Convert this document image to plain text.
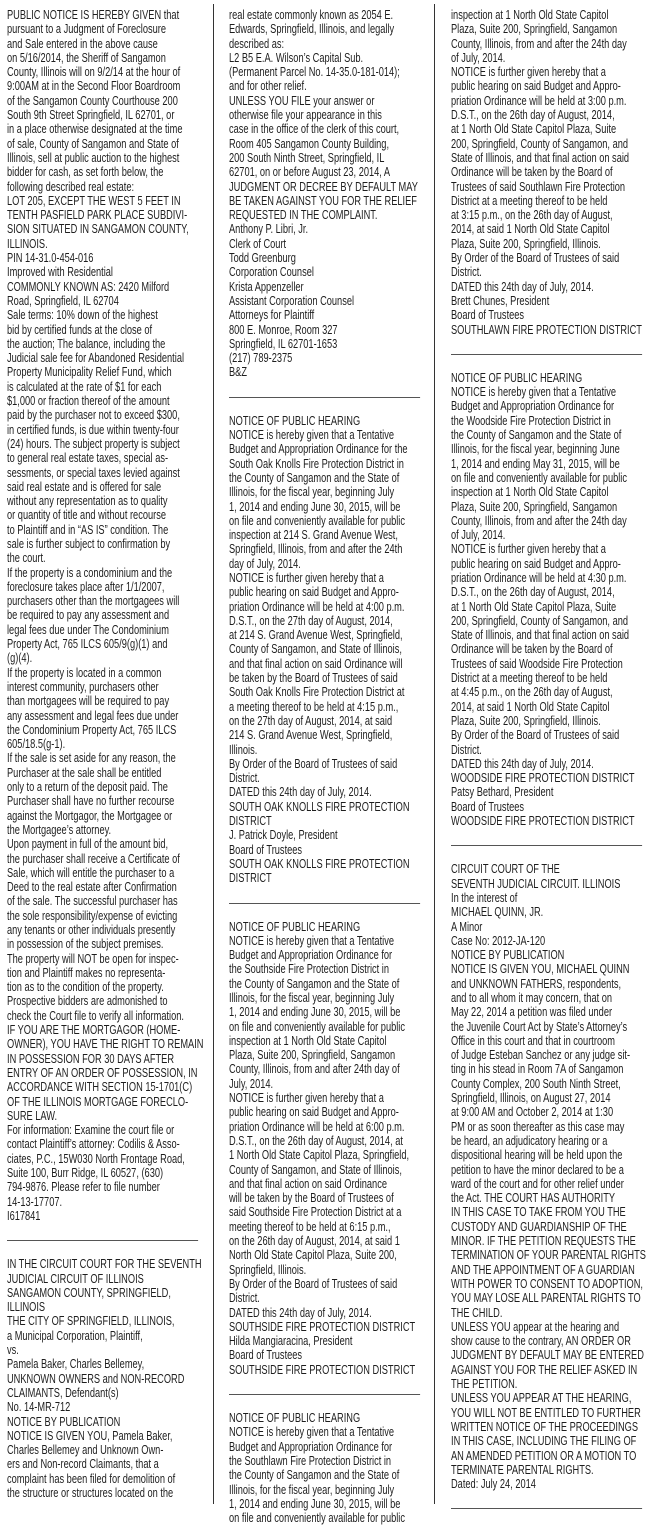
PUBLIC NOTICE IS HEREBY GIVEN that
pursuant to a Judgment of Foreclosure
and Sale entered in the above cause
on 5/16/2014, the Sheriff of Sangamon
County, Illinois will on 9/2/14 at the hour of
9:00AM at in the Second Floor Boardroom
of the Sangamon County Courthouse 200
South 9th Street Springfield, IL 62701, or
in a place otherwise designated at the time
of sale, County of Sangamon and State of
Illinois, sell at public auction to the highest
bidder for cash, as set forth below, the
following described real estate:
LOT 205, EXCEPT THE WEST 5 FEET IN
TENTH PASFIELD PARK PLACE SUBDIVI-
SION SITUATED IN SANGAMON COUNTY,
ILLINOIS.
PIN 14-31.0-454-016
Improved with Residential
COMMONLY KNOWN AS: 2420 Milford
Road, Springfield, IL 62704
Sale terms: 10% down of the highest
bid by certified funds at the close of
the auction; The balance, including the
Judicial sale fee for Abandoned Residential
Property Municipality Relief Fund, which
is calculated at the rate of $1 for each
$1,000 or fraction thereof of the amount
paid by the purchaser not to exceed $300,
in certified funds, is due within twenty-four
(24) hours. The subject property is subject
to general real estate taxes, special as-
sessments, or special taxes levied against
said real estate and is offered for sale
without any representation as to quality
or quantity of title and without recourse
to Plaintiff and in “AS IS” condition. The
sale is further subject to confirmation by
the court.
If the property is a condominium and the
foreclosure takes place after 1/1/2007,
purchasers other than the mortgagees will
be required to pay any assessment and
legal fees due under The Condominium
Property Act, 765 ILCS 605/9(g)(1) and
(g)(4).
If the property is located in a common
interest community, purchasers other
than mortgagees will be required to pay
any assessment and legal fees due under
the Condominium Property Act, 765 ILCS
605/18.5(g-1).
If the sale is set aside for any reason, the
Purchaser at the sale shall be entitled
only to a return of the deposit paid. The
Purchaser shall have no further recourse
against the Mortgagor, the Mortgagee or
the Mortgagee’s attorney.
Upon payment in full of the amount bid,
the purchaser shall receive a Certificate of
Sale, which will entitle the purchaser to a
Deed to the real estate after Confirmation
of the sale. The successful purchaser has
the sole responsibility/expense of evicting
any tenants or other individuals presently
in possession of the subject premises.
The property will NOT be open for inspec-
tion and Plaintiff makes no representa-
tion as to the condition of the property.
Prospective bidders are admonished to
check the Court file to verify all information.
IF YOU ARE THE MORTGAGOR (HOME-
OWNER), YOU HAVE THE RIGHT TO REMAIN
IN POSSESSION FOR 30 DAYS AFTER
ENTRY OF AN ORDER OF POSSESSION, IN
ACCORDANCE WITH SECTION 15-1701(C)
OF THE ILLINOIS MORTGAGE FORECLO-
SURE LAW.
For information: Examine the court file or
contact Plaintiff’s attorney: Codilis & Asso-
ciates, P.C., 15W030 North Frontage Road,
Suite 100, Burr Ridge, IL 60527, (630)
794-9876. Please refer to file number
14-13-17707.
I617841
IN THE CIRCUIT COURT FOR THE SEVENTH
JUDICIAL CIRCUIT OF ILLINOIS
SANGAMON COUNTY, SPRINGFIELD,
ILLINOIS
THE CITY OF SPRINGFIELD, ILLINOIS,
a Municipal Corporation, Plaintiff,
vs.
Pamela Baker, Charles Bellemey,
UNKNOWN OWNERS and NON-RECORD
CLAIMANTS, Defendant(s)
No. 14-MR-712
NOTICE BY PUBLICATION
NOTICE IS GIVEN YOU, Pamela Baker,
Charles Bellemey and Unknown Own-
ers and Non-record Claimants, that a
complaint has been filed for demolition of
the structure or structures located on the
real estate commonly known as 2054 E.
Edwards, Springfield, Illinois, and legally
described as:
L2 B5 E.A. Wilson’s Capital Sub.
(Permanent Parcel No. 14-35.0-181-014);
and for other relief.
UNLESS YOU FILE your answer or
otherwise file your appearance in this
case in the office of the clerk of this court,
Room 405 Sangamon County Building,
200 South Ninth Street, Springfield, IL
62701, on or before August 23, 2014, A
JUDGMENT OR DECREE BY DEFAULT MAY
BE TAKEN AGAINST YOU FOR THE RELIEF
REQUESTED IN THE COMPLAINT.
Anthony P. Libri, Jr.
Clerk of Court
Todd Greenburg
Corporation Counsel
Krista Appenzeller
Assistant Corporation Counsel
Attorneys for Plaintiff
800 E. Monroe, Room 327
Springfield, IL 62701-1653
(217) 789-2375
B&Z
NOTICE OF PUBLIC HEARING
NOTICE is hereby given that a Tentative
Budget and Appropriation Ordinance for the
South Oak Knolls Fire Protection District in
the County of Sangamon and the State of
Illinois, for the fiscal year, beginning July
1, 2014 and ending June 30, 2015, will be
on file and conveniently available for public
inspection at 214 S. Grand Avenue West,
Springfield, Illinois, from and after the 24th
day of July, 2014.
NOTICE is further given hereby that a
public hearing on said Budget and Appro-
priation Ordinance will be held at 4:00 p.m.
D.S.T., on the 27th day of August, 2014,
at 214 S. Grand Avenue West, Springfield,
County of Sangamon, and State of Illinois,
and that final action on said Ordinance will
be taken by the Board of Trustees of said
South Oak Knolls Fire Protection District at
a meeting thereof to be held at 4:15 p.m.,
on the 27th day of August, 2014, at said
214 S. Grand Avenue West, Springfield,
Illinois.
By Order of the Board of Trustees of said
District.
DATED this 24th day of July, 2014.
SOUTH OAK KNOLLS FIRE PROTECTION
DISTRICT
J. Patrick Doyle, President
Board of Trustees
SOUTH OAK KNOLLS FIRE PROTECTION
DISTRICT
NOTICE OF PUBLIC HEARING
NOTICE is hereby given that a Tentative
Budget and Appropriation Ordinance for
the Southside Fire Protection District in
the County of Sangamon and the State of
Illinois, for the fiscal year, beginning July
1, 2014 and ending June 30, 2015, will be
on file and conveniently available for public
inspection at 1 North Old State Capitol
Plaza, Suite 200, Springfield, Sangamon
County, Illinois, from and after 24th day of
July, 2014.
NOTICE is further given hereby that a
public hearing on said Budget and Appro-
priation Ordinance will be held at 6:00 p.m.
D.S.T., on the 26th day of August, 2014, at
1 North Old State Capitol Plaza, Springfield,
County of Sangamon, and State of Illinois,
and that final action on said Ordinance
will be taken by the Board of Trustees of
said Southside Fire Protection District at a
meeting thereof to be held at 6:15 p.m.,
on the 26th day of August, 2014, at said 1
North Old State Capitol Plaza, Suite 200,
Springfield, Illinois.
By Order of the Board of Trustees of said
District.
DATED this 24th day of July, 2014.
SOUTHSIDE FIRE PROTECTION DISTRICT
Hilda Mangiaracina, President
Board of Trustees
SOUTHSIDE FIRE PROTECTION DISTRICT
NOTICE OF PUBLIC HEARING
NOTICE is hereby given that a Tentative
Budget and Appropriation Ordinance for
the Southlawn Fire Protection District in
the County of Sangamon and the State of
Illinois, for the fiscal year, beginning July
1, 2014 and ending June 30, 2015, will be
on file and conveniently available for public
inspection at 1 North Old State Capitol
Plaza, Suite 200, Springfield, Sangamon
County, Illinois, from and after the 24th day
of July, 2014.
NOTICE is further given hereby that a
public hearing on said Budget and Appro-
priation Ordinance will be held at 3:00 p.m.
D.S.T., on the 26th day of August, 2014,
at 1 North Old State Capitol Plaza, Suite
200, Springfield, County of Sangamon, and
State of Illinois, and that final action on said
Ordinance will be taken by the Board of
Trustees of said Southlawn Fire Protection
District at a meeting thereof to be held
at 3:15 p.m., on the 26th day of August,
2014, at said 1 North Old State Capitol
Plaza, Suite 200, Springfield, Illinois.
By Order of the Board of Trustees of said
District.
DATED this 24th day of July, 2014.
Brett Chunes, President
Board of Trustees
SOUTHLAWN FIRE PROTECTION DISTRICT
NOTICE OF PUBLIC HEARING
NOTICE is hereby given that a Tentative
Budget and Appropriation Ordinance for
the Woodside Fire Protection District in
the County of Sangamon and the State of
Illinois, for the fiscal year, beginning June
1, 2014 and ending May 31, 2015, will be
on file and conveniently available for public
inspection at 1 North Old State Capitol
Plaza, Suite 200, Springfield, Sangamon
County, Illinois, from and after the 24th day
of July, 2014.
NOTICE is further given hereby that a
public hearing on said Budget and Appro-
priation Ordinance will be held at 4:30 p.m.
D.S.T., on the 26th day of August, 2014,
at 1 North Old State Capitol Plaza, Suite
200, Springfield, County of Sangamon, and
State of Illinois, and that final action on said
Ordinance will be taken by the Board of
Trustees of said Woodside Fire Protection
District at a meeting thereof to be held
at 4:45 p.m., on the 26th day of August,
2014, at said 1 North Old State Capitol
Plaza, Suite 200, Springfield, Illinois.
By Order of the Board of Trustees of said
District.
DATED this 24th day of July, 2014.
WOODSIDE FIRE PROTECTION DISTRICT
Patsy Bethard, President
Board of Trustees
WOODSIDE FIRE PROTECTION DISTRICT
CIRCUIT COURT OF THE
SEVENTH JUDICIAL CIRCUIT. ILLINOIS
In the interest of
MICHAEL QUINN, JR.
A Minor
Case No: 2012-JA-120
NOTICE BY PUBLICATION
NOTICE IS GIVEN YOU, MICHAEL QUINN
and UNKNOWN FATHERS, respondents,
and to all whom it may concern, that on
May 22, 2014 a petition was filed under
the Juvenile Court Act by State’s Attorney’s
Office in this court and that in courtroom
of Judge Esteban Sanchez or any judge sit-
ting in his stead in Room 7A of Sangamon
County Complex, 200 South Ninth Street,
Springfield, Illinois, on August 27, 2014
at 9:00 AM and October 2, 2014 at 1:30
PM or as soon thereafter as this case may
be heard, an adjudicatory hearing or a
dispositional hearing will be held upon the
petition to have the minor declared to be a
ward of the court and for other relief under
the Act. THE COURT HAS AUTHORITY
IN THIS CASE TO TAKE FROM YOU THE
CUSTODY AND GUARDIANSHIP OF THE
MINOR. IF THE PETITION REQUESTS THE
TERMINATION OF YOUR PARENTAL RIGHTS
AND THE APPOINTMENT OF A GUARDIAN
WITH POWER TO CONSENT TO ADOPTION,
YOU MAY LOSE ALL PARENTAL RIGHTS TO
THE CHILD.
UNLESS YOU appear at the hearing and
show cause to the contrary, AN ORDER OR
JUDGMENT BY DEFAULT MAY BE ENTERED
AGAINST YOU FOR THE RELIEF ASKED IN
THE PETITION.
UNLESS YOU APPEAR AT THE HEARING,
YOU WILL NOT BE ENTITLED TO FURTHER
WRITTEN NOTICE OF THE PROCEEDINGS
IN THIS CASE, INCLUDING THE FILING OF
AN AMENDED PETITION OR A MOTION TO
TERMINATE PARENTAL RIGHTS.
Dated: July 24, 2014
